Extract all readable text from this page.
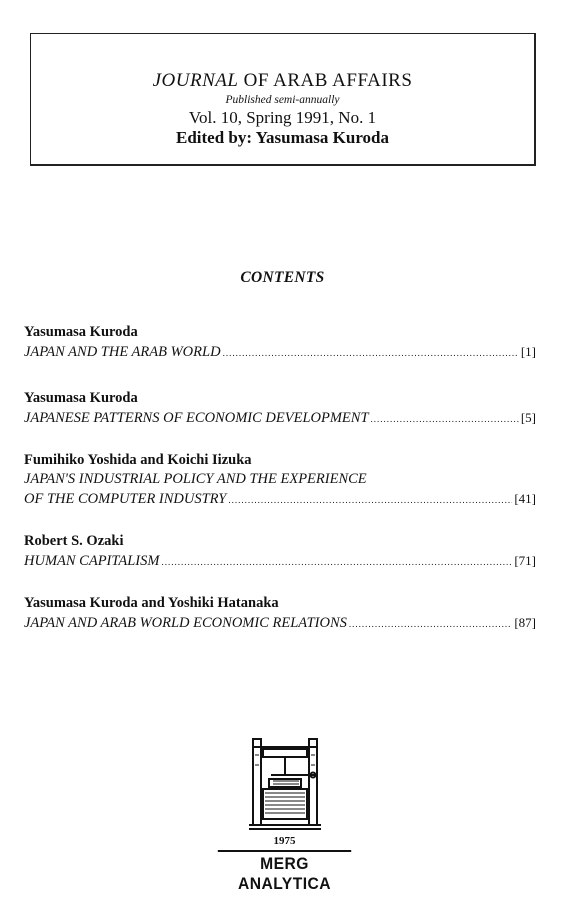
JOURNAL OF ARAB AFFAIRS
Published semi-annually
Vol. 10, Spring 1991, No. 1
Edited by: Yasumasa Kuroda
CONTENTS
Yasumasa Kuroda
JAPAN AND THE ARAB WORLD .....	[1]
Yasumasa Kuroda
JAPANESE PATTERNS OF ECONOMIC DEVELOPMENT .....	[5]
Fumihiko Yoshida and Koichi Iizuka
JAPAN'S INDUSTRIAL POLICY AND THE EXPERIENCE
OF THE COMPUTER INDUSTRY .....	[41]
Robert S. Ozaki
HUMAN CAPITALISM .....	[71]
Yasumasa Kuroda and Yoshiki Hatanaka
JAPAN AND ARAB WORLD ECONOMIC RELATIONS .....	[87]
1975
MERG ANALYTICA
